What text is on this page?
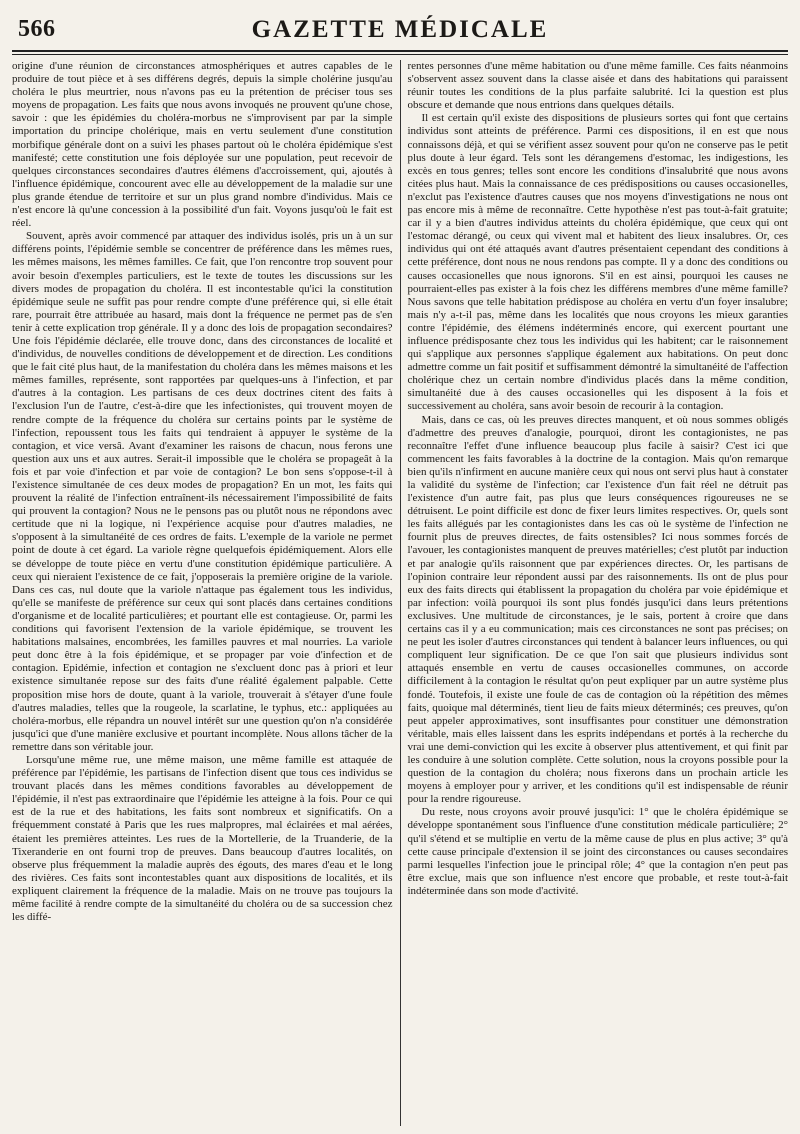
566	GAZETTE MÉDICALE

origine d'une réunion de circonstances atmosphériques et autres capables de le produire de tout pièce et à ses différens degrés, depuis la simple cholérine jusqu'au choléra le plus meurtrier, nous n'avons pas eu la prétention de préciser tous ses moyens de propagation. Les faits que nous avons invoqués ne prouvent qu'une chose, savoir : que les épidémies du choléra-morbus ne s'improvisent par par la simple importation du principe cholérique, mais en vertu seulement d'une constitution morbifique générale dont on a suivi les phases partout où le choléra épidémique s'est manifesté; cette constitution une fois déployée sur une population, peut recevoir de quelques circonstances secondaires d'autres élémens d'accroissement, qui, ajoutés à l'influence épidémique, concourent avec elle au développement de la maladie sur une plus grande étendue de territoire et sur un plus grand nombre d'individus. Mais ce n'est encore là qu'une concession à la possibilité d'un fait. Voyons jusqu'où le fait est réel.

Souvent, après avoir commencé par attaquer des individus isolés, pris un à un sur différens points, l'épidémie semble se concentrer de préférence dans les mêmes rues, les mêmes maisons, les mêmes familles. Ce fait, que l'on rencontre trop souvent pour avoir besoin d'exemples particuliers, est le texte de toutes les discussions sur les divers modes de propagation du choléra. Il est incontestable qu'ici la constitution épidémique seule ne suffit pas pour rendre compte d'une préférence qui, si elle était rare, pourrait être attribuée au hasard, mais dont la fréquence ne permet pas de s'en tenir à cette explication trop générale. Il y a donc des lois de propagation secondaires? Une fois l'épidémie déclarée, elle trouve donc, dans des circonstances de localité et d'individus, de nouvelles conditions de développement et de direction. Les conditions que le fait cité plus haut, de la manifestation du choléra dans les mêmes maisons et les mêmes familles, représente, sont rapportées par quelques-uns à l'infection, et par d'autres à la contagion. Les partisans de ces deux doctrines citent des faits à l'exclusion l'un de l'autre, c'est-à-dire que les infectionistes, qui trouvent moyen de rendre compte de la fréquence du choléra sur certains points par le système de l'infection, repoussent tous les faits qui tendraient à appuyer le système de la contagion, et vice versâ. Avant d'examiner les raisons de chacun, nous ferons une question aux uns et aux autres. Serait-il impossible que le choléra se propageât à la fois et par voie d'infection et par voie de contagion? Le bon sens s'oppose-t-il à l'existence simultanée de ces deux modes de propagation? En un mot, les faits qui prouvent la réalité de l'infection entraînent-ils nécessairement l'impossibilité de faits qui prouvent la contagion? Nous ne le pensons pas ou plutôt nous ne répondons avec certitude que ni la logique, ni l'expérience acquise pour d'autres maladies, ne s'opposent à la simultanéité de ces ordres de faits. L'exemple de la variole ne permet point de doute à cet égard. La variole règne quelquefois épidémiquement. Alors elle se développe de toute pièce en vertu d'une constitution épidémique particulière. A ceux qui nieraient l'existence de ce fait, j'opposerais la première origine de la variole. Dans ces cas, nul doute que la variole n'attaque pas également tous les individus, qu'elle se manifeste de préférence sur ceux qui sont placés dans certaines conditions d'organisme et de localité particulières; et pourtant elle est contagieuse. Or, parmi les conditions qui favorisent l'extension de la variole épidémique, se trouvent les habitations malsaines, encombrées, les familles pauvres et mal nourries. La variole peut donc être à la fois épidémique, et se propager par voie d'infection et de contagion. Epidémie, infection et contagion ne s'excluent donc pas à priori et leur existence simultanée repose sur des faits d'une réalité également palpable. Cette proposition mise hors de doute, quant à la variole, trouverait à s'étayer d'une foule d'autres maladies, telles que la rougeole, la scarlatine, le typhus, etc.: appliquées au choléra-morbus, elle répandra un nouvel intérêt sur une question qu'on n'a considérée jusqu'ici que d'une manière exclusive et pourtant incomplète. Nous allons tâcher de la remettre dans son véritable jour.

Lorsqu'une même rue, une même maison, une même famille est attaquée de préférence par l'épidémie, les partisans de l'infection disent que tous ces individus se trouvant placés dans les mêmes conditions favorables au développement de l'épidémie, il n'est pas extraordinaire que l'épidémie les atteigne à la fois. Pour ce qui est de la rue et des habitations, les faits sont nombreux et significatifs. On a fréquemment constaté à Paris que les rues malpropres, mal éclairées et mal aérées, étaient les premières atteintes. Les rues de la Mortellerie, de la Truanderie, de la Tixeranderie en ont fourni trop de preuves. Dans beaucoup d'autres localités, on observe plus fréquemment la maladie auprès des égouts, des mares d'eau et le long des rivières. Ces faits sont incontestables quant aux dispositions de localités, et ils expliquent clairement la fréquence de la maladie. Mais on ne trouve pas toujours la même facilité à rendre compte de la simultanéité du choléra ou de sa succession chez les diffé-

rentes personnes d'une même habitation ou d'une même famille. Ces faits néanmoins s'observent assez souvent dans la classe aisée et dans des habitations qui paraissent réunir toutes les conditions de la plus parfaite salubrité. Ici la question est plus obscure et demande que nous entrions dans quelques détails.

Il est certain qu'il existe des dispositions de plusieurs sortes qui font que certains individus sont atteints de préférence. Parmi ces dispositions, il en est que nous connaissons déjà, et qui se vérifient assez souvent pour qu'on ne conserve pas le petit plus doute à leur égard. Tels sont les dérangemens d'estomac, les indigestions, les excès en tous genres; telles sont encore les conditions d'insalubrité que nous avons citées plus haut. Mais la connaissance de ces prédispositions ou causes occasionelles, n'exclut pas l'existence d'autres causes que nos moyens d'investigations ne nous ont pas encore mis à même de reconnaître. Cette hypothèse n'est pas tout-à-fait gratuite; car il y a bien d'autres individus atteints du choléra épidémique, que ceux qui ont l'estomac dérangé, ou ceux qui vivent mal et habitent des lieux insalubres. Or, ces individus qui ont été attaqués avant d'autres présentaient cependant des conditions à cette préférence, dont nous ne nous rendons pas compte. Il y a donc des conditions ou causes occasionelles que nous ignorons. S'il en est ainsi, pourquoi les causes ne pourraient-elles pas exister à la fois chez les différens membres d'une même famille? Nous savons que telle habitation prédispose au choléra en vertu d'un foyer insalubre; mais n'y a-t-il pas, même dans les localités que nous croyons les mieux garanties contre l'épidémie, des élémens indéterminés encore, qui exercent pourtant une influence prédisposante chez tous les individus qui les habitent; car le raisonnement qui s'applique aux personnes s'applique également aux habitations. On peut donc admettre comme un fait positif et suffisamment démontré la simultanéité de l'affection cholérique chez un certain nombre d'individus placés dans la même condition, simultanéité due à des causes occasionelles qui les disposent à la fois et successivement au choléra, sans avoir besoin de recourir à la contagion.

Mais, dans ce cas, où les preuves directes manquent, et où nous sommes obligés d'admettre des preuves d'analogie, pourquoi, diront les contagionistes, ne pas reconnaître l'effet d'une influence beaucoup plus facile à saisir? C'est ici que commencent les faits favorables à la doctrine de la contagion. Mais qu'on remarque bien qu'ils n'infirment en aucune manière ceux qui nous ont servi plus haut à constater la validité du système de l'infection; car l'existence d'un fait réel ne détruit pas l'existence d'un autre fait, pas plus que leurs conséquences rigoureuses ne se détruisent. Le point difficile est donc de fixer leurs limites respectives. Or, quels sont les faits allégués par les contagionistes dans les cas où le système de l'infection ne fournit plus de preuves directes, de faits ostensibles? Ici nous sommes forcés de l'avouer, les contagionistes manquent de preuves matérielles; c'est plutôt par induction et par analogie qu'ils raisonnent que par expériences directes. Or, les partisans de l'opinion contraire leur répondent aussi par des raisonnements. Ils ont de plus pour eux des faits directs qui établissent la propagation du choléra par voie épidémique et par infection: voilà pourquoi ils sont plus fondés jusqu'ici dans leurs prétentions exclusives. Une multitude de circonstances, je le sais, portent à croire que dans certains cas il y a eu communication; mais ces circonstances ne sont pas précises; on ne peut les isoler d'autres circonstances qui tendent à balancer leurs influences, ou qui compliquent leur signification. De ce que l'on sait que plusieurs individus sont attaqués ensemble en vertu de causes occasionelles communes, on accorde difficilement à la contagion le résultat qu'on peut expliquer par un autre système plus fondé. Toutefois, il existe une foule de cas de contagion où la répétition des mêmes faits, quoique mal déterminés, tient lieu de faits mieux déterminés; ces preuves, qu'on peut appeler approximatives, sont insuffisantes pour constituer une démonstration véritable, mais elles laissent dans les esprits indépendans et portés à la recherche du vrai une demi-conviction qui les excite à observer plus attentivement, et qui finit par les conduire à une solution complète. Cette solution, nous la croyons possible pour la question de la contagion du choléra; nous fixerons dans un prochain article les moyens à employer pour y arriver, et les conditions qu'il est indispensable de réunir pour la rendre rigoureuse.

Du reste, nous croyons avoir prouvé jusqu'ici: 1° que le choléra épidémique se développe spontanément sous l'influence d'une constitution médicale particulière; 2° qu'il s'étend et se multiplie en vertu de la même cause de plus en plus active; 3° qu'à cette cause principale d'extension il se joint des circonstances ou causes secondaires parmi lesquelles l'infection joue le principal rôle; 4° que la contagion n'en peut pas être exclue, mais que son influence n'est encore que probable, et reste tout-à-fait indéterminée dans son mode d'activité.
